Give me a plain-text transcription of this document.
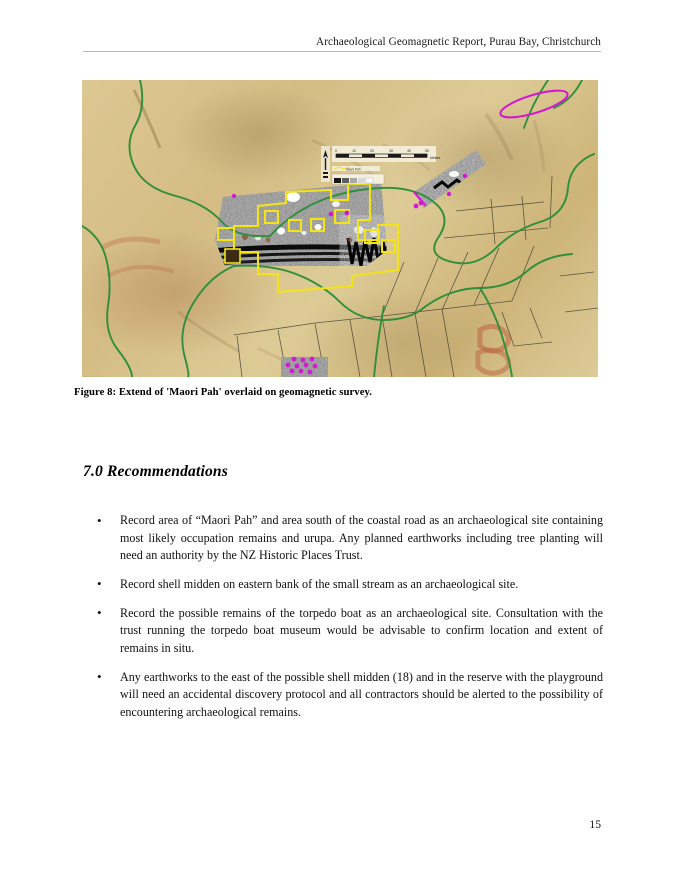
Archaeological Geomagnetic Report, Purau Bay, Christchurch
0	10	20	30	40	50
Meters
Maori Pah
Figure 8: Extend of 'Maori Pah' overlaid on geomagnetic survey.
7.0 Recommendations
• Record area of “Maori Pah” and area south of the coastal road as an archaeological site containing most likely occupation remains and urupa. Any planned earthworks including tree planting will need an authority by the NZ Historic Places Trust.
• Record shell midden on eastern bank of the small stream as an archaeological site.
• Record the possible remains of the torpedo boat as an archaeological site. Consultation with the trust running the torpedo boat museum would be advisable to confirm location and extent of remains in situ.
• Any earthworks to the east of the possible shell midden (18) and in the reserve with the playground will need an accidental discovery protocol and all contractors should be alerted to the possibility of encountering archaeological remains.
15
